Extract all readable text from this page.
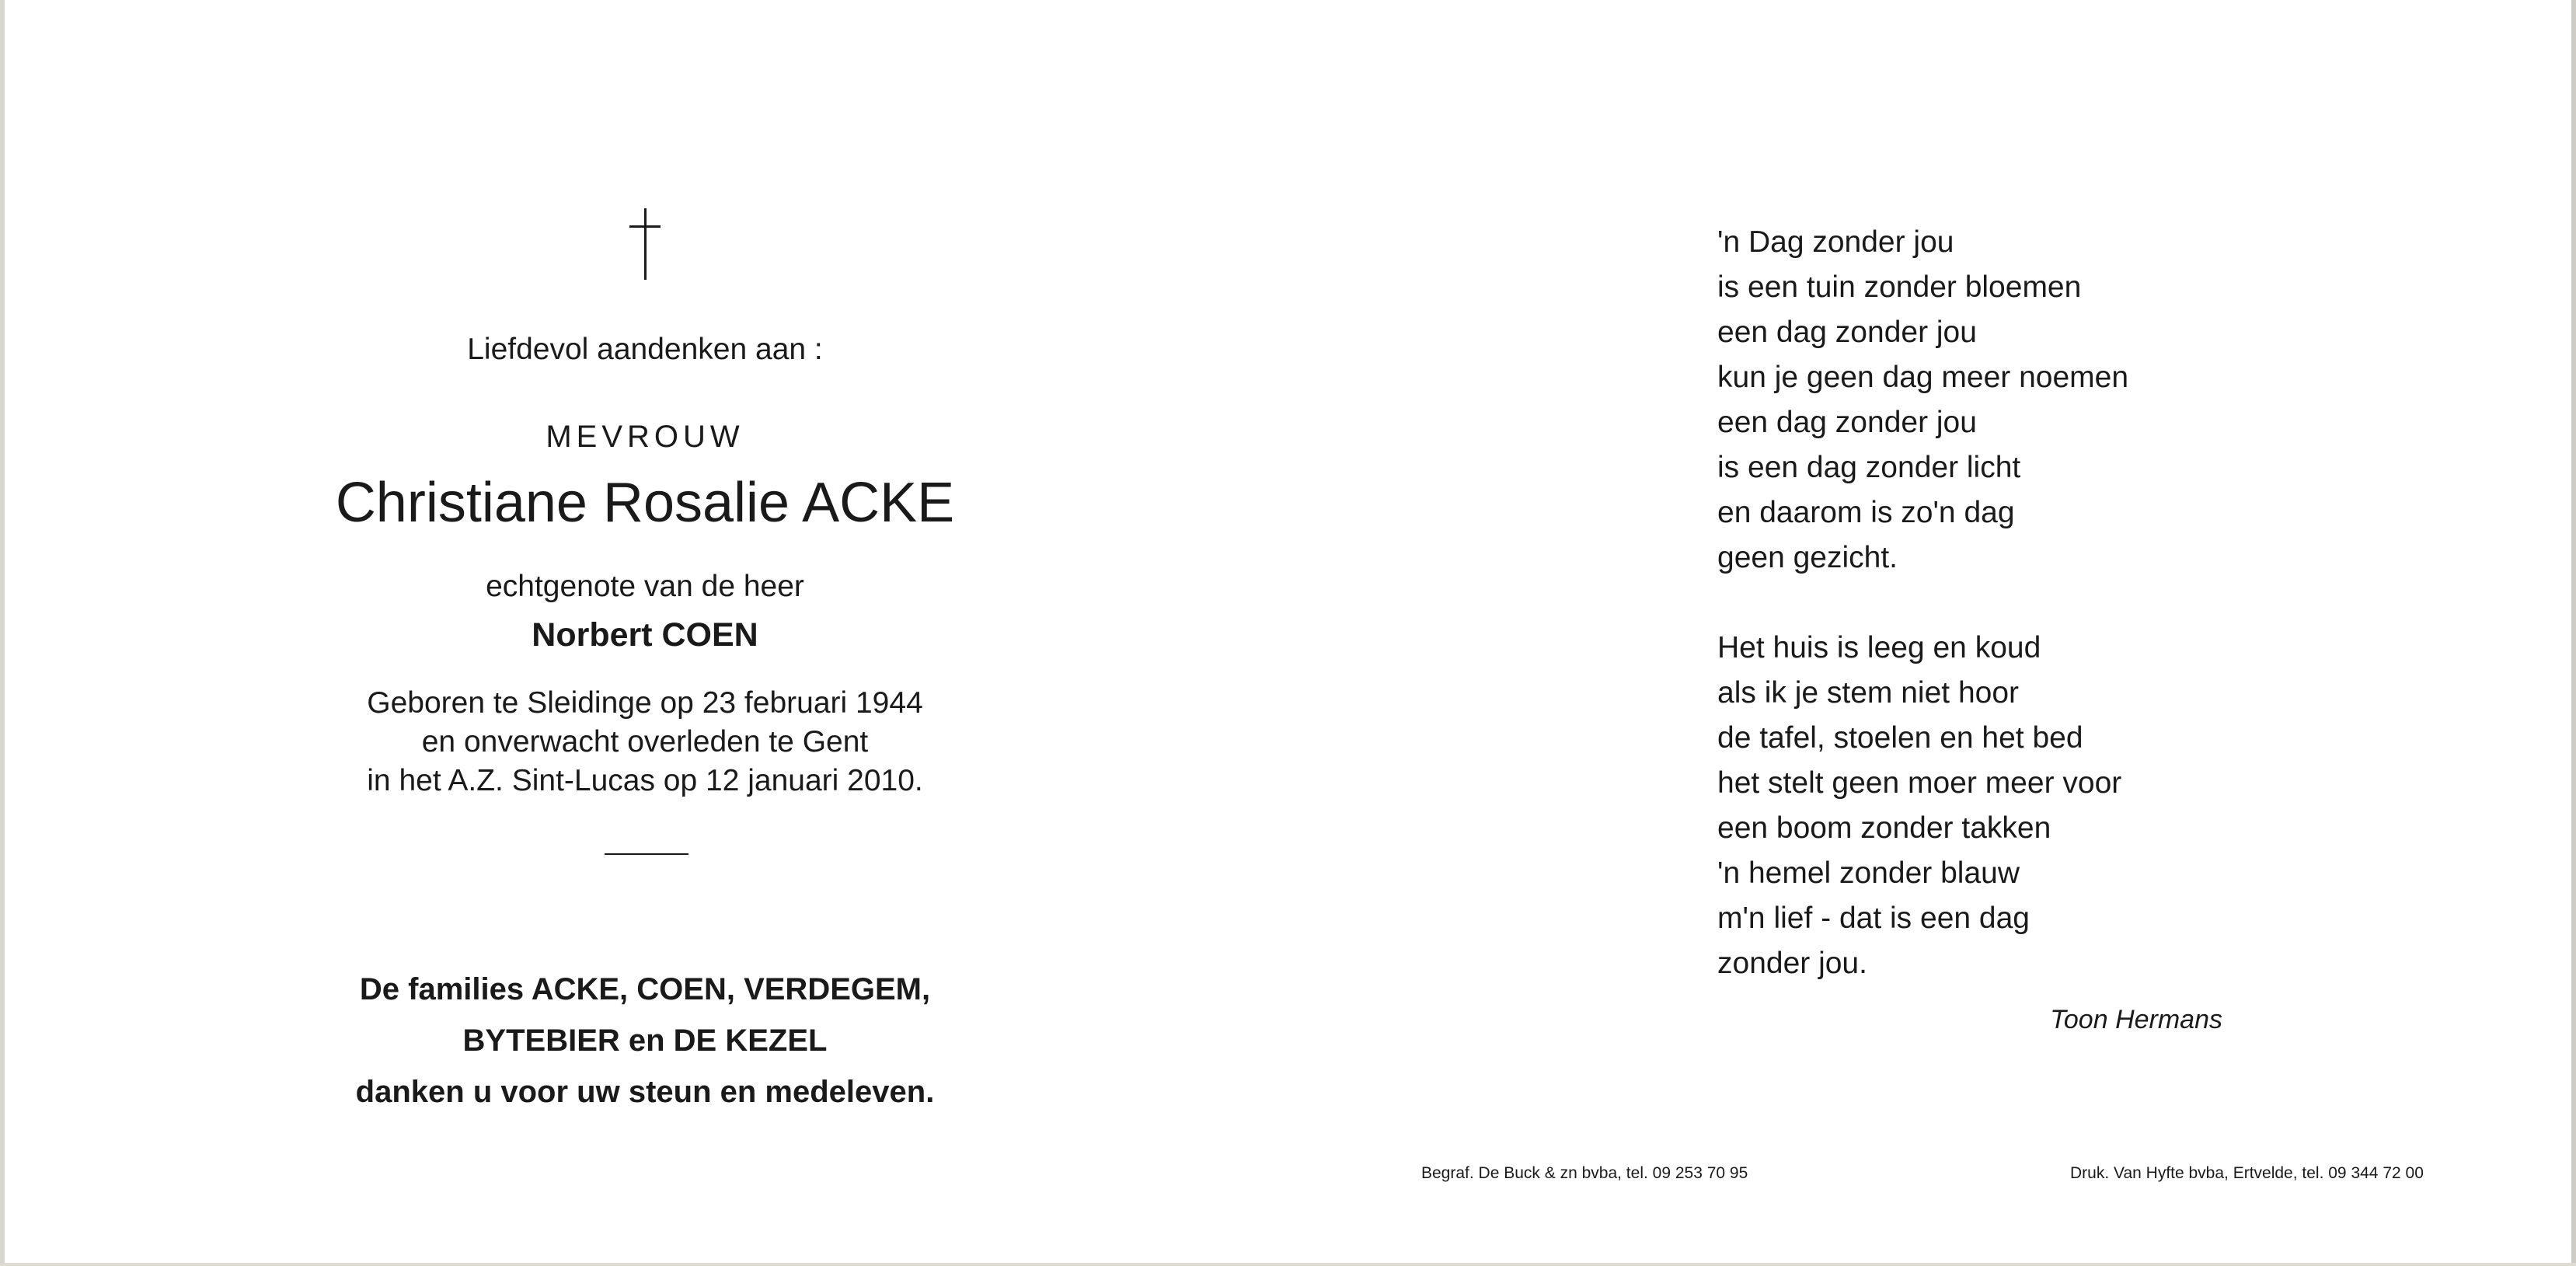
Liefdevol aandenken aan :
MEVROUW
Christiane Rosalie ACKE
echtgenote van de heer
Norbert COEN
Geboren te Sleidinge op 23 februari 1944
en onverwacht overleden te Gent
in het A.Z. Sint-Lucas op 12 januari 2010.
De families ACKE, COEN, VERDEGEM,
BYTEBIER en DE KEZEL
danken u voor uw steun en medeleven.
'n Dag zonder jou
is een tuin zonder bloemen
een dag zonder jou
kun je geen dag meer noemen
een dag zonder jou
is een dag zonder licht
en daarom is zo'n dag
geen gezicht.
Het huis is leeg en koud
als ik je stem niet hoor
de tafel, stoelen en het bed
het stelt geen moer meer voor
een boom zonder takken
'n hemel zonder blauw
m'n lief - dat is een dag
zonder jou.
Toon Hermans
Begraf. De Buck & zn bvba, tel. 09 253 70 95	Druk. Van Hyfte bvba, Ertvelde, tel. 09 344 72 00
